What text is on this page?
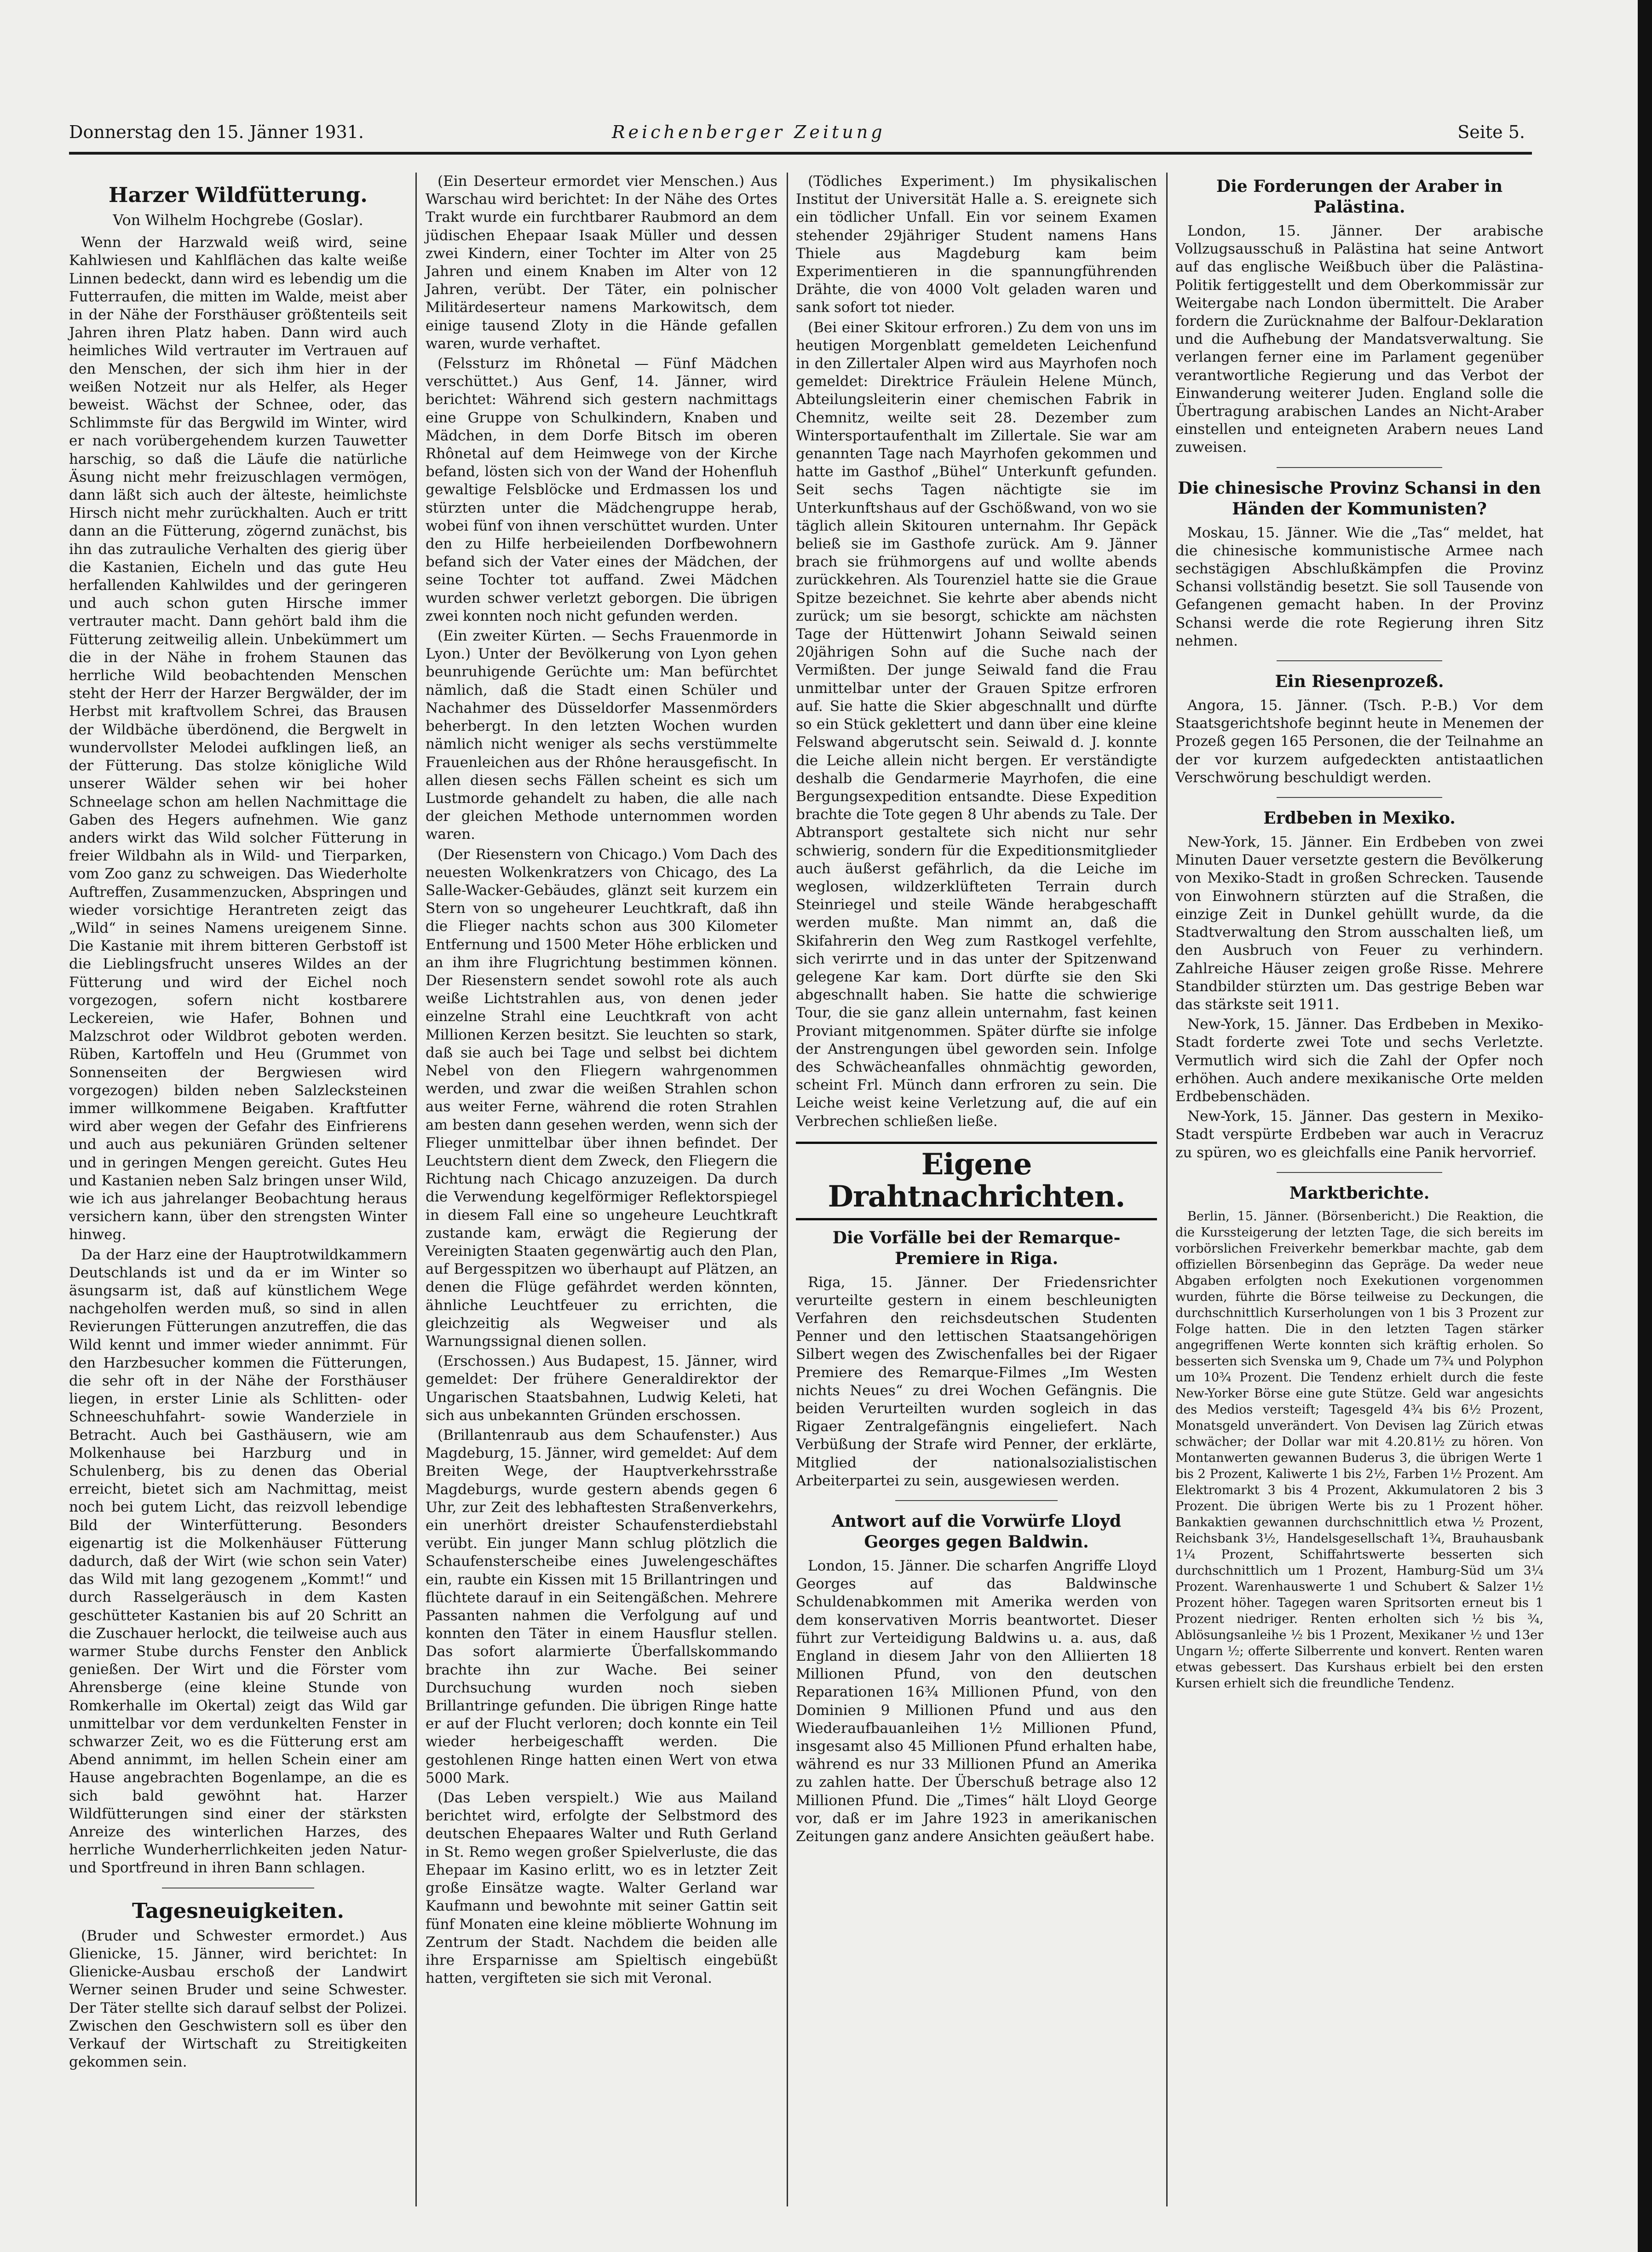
Donnerstag den 15. Jänner 1931.	Reichenberger Zeitung	Seite 5.
Harzer Wildfütterung.
Von Wilhelm Hochgrebe (Goslar).

Wenn der Harzwald weiß wird, seine Kahlwiesen und Kahlflächen das kalte weiße Linnen bedeckt, dann wird es lebendig um die Futterraufen, die mitten im Walde, meist aber in der Nähe der Forsthäuser größtenteils seit Jahren ihren Platz haben. Dann wird auch heimliches Wild vertrauter im Vertrauen auf den Menschen, der sich ihm hier in der weißen Notzeit nur als Helfer, als Heger beweist. Wächst der Schnee, oder, das Schlimmste für das Bergwild im Winter, wird er nach vorübergehendem kurzen Tauwetter harschig, so daß die Läufe die natürliche Äsung nicht mehr freizuschlagen vermögen, dann läßt sich auch der älteste, heimlichste Hirsch nicht mehr zurückhalten. Auch er tritt dann an die Fütterung, zögernd zunächst, bis ihn das zutrauliche Verhalten des gierig über die Kastanien, Eicheln und das gute Heu herfallenden Kahlwildes und der geringeren und auch schon guten Hirsche immer vertrauter macht. Dann gehört bald ihm die Fütterung zeitweilig allein. Unbekümmert um die in der Nähe in frohem Staunen das herrliche Wild beobachtenden Menschen steht der Herr der Harzer Bergwälder, der im Herbst mit kraftvollem Schrei, das Brausen der Wildbäche überdönend, die Bergwelt in wundervollster Melodei aufklingen ließ, an der Fütterung. Das stolze königliche Wild unserer Wälder sehen wir bei hoher Schneelage schon am hellen Nachmittage die Gaben des Hegers aufnehmen. Wie ganz anders wirkt das Wild solcher Fütterung in freier Wildbahn als in Wild- und Tierparken, vom Zoo ganz zu schweigen. Das Wiederholte Auftreffen, Zusammenzucken, Abspringen und wieder vorsichtige Herantreten zeigt das „Wild“ in seines Namens ureigenem Sinne. Die Kastanie mit ihrem bitteren Gerbstoff ist die Lieblingsfrucht unseres Wildes an der Fütterung und wird der Eichel noch vorgezogen, sofern nicht kostbarere Leckereien, wie Hafer, Bohnen und Malzschrot oder Wildbrot geboten werden. Rüben, Kartoffeln und Heu (Grummet von Sonnenseiten der Bergwiesen wird vorgezogen) bilden neben Salzlecksteinen immer willkommene Beigaben. Kraftfutter wird aber wegen der Gefahr des Einfrierens und auch aus pekuniären Gründen seltener und in geringen Mengen gereicht. Gutes Heu und Kastanien neben Salz bringen unser Wild, wie ich aus jahrelanger Beobachtung heraus versichern kann, über den strengsten Winter hinweg.

Da der Harz eine der Hauptrotwildkammern Deutschlands ist und da er im Winter so äsungsarm ist, daß auf künstlichem Wege nachgeholfen werden muß, so sind in allen Revierungen Fütterungen anzutreffen, die das Wild kennt und immer wieder annimmt. Für den Harzbesucher kommen die Fütterungen, die sehr oft in der Nähe der Forsthäuser liegen, in erster Linie als Schlitten- oder Schneeschuhfahrt- sowie Wanderziele in Betracht. Auch bei Gasthäusern, wie am Molkenhause bei Harzburg und in Schulenberg, bis zu denen das Oberial erreicht, bietet sich am Nachmittag, meist noch bei gutem Licht, das reizvoll lebendige Bild der Winterfütterung. Besonders eigenartig ist die Molkenhäuser Fütterung dadurch, daß der Wirt (wie schon sein Vater) das Wild mit lang gezogenem „Kommt!“ und durch Rasselgeräusch in dem Kasten geschütteter Kastanien bis auf 20 Schritt an die Zuschauer herlockt, die teilweise auch aus warmer Stube durchs Fenster den Anblick genießen. Der Wirt und die Förster vom Ahrensberge (eine kleine Stunde von Romkerhalle im Okertal) zeigt das Wild gar unmittelbar vor dem verdunkelten Fenster in schwarzer Zeit, wo es die Fütterung erst am Abend annimmt, im hellen Schein einer am Hause angebrachten Bogenlampe, an die es sich bald gewöhnt hat. Harzer Wildfütterungen sind einer der stärksten Anreize des winterlichen Harzes, des herrliche Wunderherrlichkeiten jeden Natur- und Sportfreund in ihren Bann schlagen.

Tagesneuigkeiten.

(Bruder und Schwester ermordet.) Aus Glienicke, 15. Jänner, wird berichtet: In Glienicke-Ausbau erschoß der Landwirt Werner seinen Bruder und seine Schwester. Der Täter stellte sich darauf selbst der Polizei. Zwischen den Geschwistern soll es über den Verkauf der Wirtschaft zu Streitigkeiten gekommen sein.

(Ein Deserteur ermordet vier Menschen.) Aus Warschau wird berichtet: In der Nähe des Ortes Trakt wurde ein furchtbarer Raubmord an dem jüdischen Ehepaar Isaak Müller und dessen zwei Kindern, einer Tochter im Alter von 25 Jahren und einem Knaben im Alter von 12 Jahren, verübt. Der Täter, ein polnischer Militärdeserteur namens Markowitsch, dem einige tausend Zloty in die Hände gefallen waren, wurde verhaftet.

(Felssturz im Rhônetal — Fünf Mädchen verschüttet.) Aus Genf, 14. Jänner, wird berichtet: Während sich gestern nachmittags eine Gruppe von Schulkindern, Knaben und Mädchen, in dem Dorfe Bitsch im oberen Rhônetal auf dem Heimwege von der Kirche befand, lösten sich von der Wand der Hohenfluh gewaltige Felsblöcke und Erdmassen los und stürzten unter die Mädchengruppe herab, wobei fünf von ihnen verschüttet wurden. Unter den zu Hilfe herbeieilenden Dorfbewohnern befand sich der Vater eines der Mädchen, der seine Tochter tot auffand. Zwei Mädchen wurden schwer verletzt geborgen. Die übrigen zwei konnten noch nicht gefunden werden.

(Ein zweiter Kürten. — Sechs Frauenmorde in Lyon.) Unter der Bevölkerung von Lyon gehen beunruhigende Gerüchte um: Man befürchtet nämlich, daß die Stadt einen Schüler und Nachahmer des Düsseldorfer Massenmörders beherbergt. In den letzten Wochen wurden nämlich nicht weniger als sechs verstümmelte Frauenleichen aus der Rhône herausgefischt. In allen diesen sechs Fällen scheint es sich um Lustmorde gehandelt zu haben, die alle nach der gleichen Methode unternommen worden waren.

(Der Riesenstern von Chicago.) Vom Dach des neuesten Wolkenkratzers von Chicago, des La Salle-Wacker-Gebäudes, glänzt seit kurzem ein Stern von so ungeheurer Leuchtkraft, daß ihn die Flieger nachts schon aus 300 Kilometer Entfernung und 1500 Meter Höhe erblicken und an ihm ihre Flugrichtung bestimmen können. Der Riesenstern sendet sowohl rote als auch weiße Lichtstrahlen aus, von denen jeder einzelne Strahl eine Leuchtkraft von acht Millionen Kerzen besitzt. Sie leuchten so stark, daß sie auch bei Tage und selbst bei dichtem Nebel von den Fliegern wahrgenommen werden, und zwar die weißen Strahlen schon aus weiter Ferne, während die roten Strahlen am besten dann gesehen werden, wenn sich der Flieger unmittelbar über ihnen befindet. Der Leuchtstern dient dem Zweck, den Fliegern die Richtung nach Chicago anzuzeigen. Da durch die Verwendung kegelförmiger Reflektorspiegel in diesem Fall eine so ungeheure Leuchtkraft zustande kam, erwägt die Regierung der Vereinigten Staaten gegenwärtig auch den Plan, auf Bergesspitzen wo überhaupt auf Plätzen, an denen die Flüge gefährdet werden könnten, ähnliche Leuchtfeuer zu errichten, die gleichzeitig als Wegweiser und als Warnungssignal dienen sollen.

(Erschossen.) Aus Budapest, 15. Jänner, wird gemeldet: Der frühere Generaldirektor der Ungarischen Staatsbahnen, Ludwig Keleti, hat sich aus unbekannten Gründen erschossen.

(Brillantenraub aus dem Schaufenster.) Aus Magdeburg, 15. Jänner, wird gemeldet: Auf dem Breiten Wege, der Hauptverkehrsstraße Magdeburgs, wurde gestern abends gegen 6 Uhr, zur Zeit des lebhaftesten Straßenverkehrs, ein unerhört dreister Schaufensterdiebstahl verübt. Ein junger Mann schlug plötzlich die Schaufensterscheibe eines Juwelengeschäftes ein, raubte ein Kissen mit 15 Brillantringen und flüchtete darauf in ein Seitengäßchen. Mehrere Passanten nahmen die Verfolgung auf und konnten den Täter in einem Hausflur stellen. Das sofort alarmierte Überfallskommando brachte ihn zur Wache. Bei seiner Durchsuchung wurden noch sieben Brillantringe gefunden. Die übrigen Ringe hatte er auf der Flucht verloren; doch konnte ein Teil wieder herbeigeschafft werden. Die gestohlenen Ringe hatten einen Wert von etwa 5000 Mark.

(Das Leben verspielt.) Wie aus Mailand berichtet wird, erfolgte der Selbstmord des deutschen Ehepaares Walter und Ruth Gerland in St. Remo wegen großer Spielverluste, die das Ehepaar im Kasino erlitt, wo es in letzter Zeit große Einsätze wagte. Walter Gerland war Kaufmann und bewohnte mit seiner Gattin seit fünf Monaten eine kleine möblierte Wohnung im Zentrum der Stadt. Nachdem die beiden alle ihre Ersparnisse am Spieltisch eingebüßt hatten, vergifteten sie sich mit Veronal.

(Tödliches Experiment.) Im physikalischen Institut der Universität Halle a. S. ereignete sich ein tödlicher Unfall. Ein vor seinem Examen stehender 29jähriger Student namens Hans Thiele aus Magdeburg kam beim Experimentieren in die spannungführenden Drähte, die von 4000 Volt geladen waren und sank sofort tot nieder.

(Bei einer Skitour erfroren.) Zu dem von uns im heutigen Morgenblatt gemeldeten Leichenfund in den Zillertaler Alpen wird aus Mayrhofen noch gemeldet: Direktrice Fräulein Helene Münch, Abteilungsleiterin einer chemischen Fabrik in Chemnitz, weilte seit 28. Dezember zum Wintersportaufenthalt im Zillertale. Sie war am genannten Tage nach Mayrhofen gekommen und hatte im Gasthof „Bühel“ Unterkunft gefunden. Seit sechs Tagen nächtigte sie im Unterkunftshaus auf der Gschößwand, von wo sie täglich allein Skitouren unternahm. Ihr Gepäck beließ sie im Gasthofe zurück. Am 9. Jänner brach sie frühmorgens auf und wollte abends zurückkehren. Als Tourenziel hatte sie die Graue Spitze bezeichnet. Sie kehrte aber abends nicht zurück; um sie besorgt, schickte am nächsten Tage der Hüttenwirt Johann Seiwald seinen 20jährigen Sohn auf die Suche nach der Vermißten. Der junge Seiwald fand die Frau unmittelbar unter der Grauen Spitze erfroren auf. Sie hatte die Skier abgeschnallt und dürfte so ein Stück geklettert und dann über eine kleine Felswand abgerutscht sein. Seiwald d. J. konnte die Leiche allein nicht bergen. Er verständigte deshalb die Gendarmerie Mayrhofen, die eine Bergungsexpedition entsandte. Diese Expedition brachte die Tote gegen 8 Uhr abends zu Tale. Der Abtransport gestaltete sich nicht nur sehr schwierig, sondern für die Expeditionsmitglieder auch äußerst gefährlich, da die Leiche im weglosen, wildzerklüfteten Terrain durch Steinriegel und steile Wände herabgeschafft werden mußte. Man nimmt an, daß die Skifahrerin den Weg zum Rastkogel verfehlte, sich verirrte und in das unter der Spitzenwand gelegene Kar kam. Dort dürfte sie den Ski abgeschnallt haben. Sie hatte die schwierige Tour, die sie ganz allein unternahm, fast keinen Proviant mitgenommen. Später dürfte sie infolge der Anstrengungen übel geworden sein. Infolge des Schwächeanfalles ohnmächtig geworden, scheint Frl. Münch dann erfroren zu sein. Die Leiche weist keine Verletzung auf, die auf ein Verbrechen schließen ließe.

Eigene Drahtnachrichten.
Die Vorfälle bei der Remarque-Premiere in Riga.

Riga, 15. Jänner. Der Friedensrichter verurteilte gestern in einem beschleunigten Verfahren den reichsdeutschen Studenten Penner und den lettischen Staatsangehörigen Silbert wegen des Zwischenfalles bei der Rigaer Premiere des Remarque-Filmes „Im Westen nichts Neues“ zu drei Wochen Gefängnis. Die beiden Verurteilten wurden sogleich in das Rigaer Zentralgefängnis eingeliefert. Nach Verbüßung der Strafe wird Penner, der erklärte, Mitglied der nationalsozialistischen Arbeiterpartei zu sein, ausgewiesen werden.

Antwort auf die Vorwürfe Lloyd Georges gegen Baldwin.

London, 15. Jänner. Die scharfen Angriffe Lloyd Georges auf das Baldwinsche Schuldenabkommen mit Amerika werden von dem konservativen Morris beantwortet. Dieser führt zur Verteidigung Baldwins u. a. aus, daß England in diesem Jahr von den Alliierten 18 Millionen Pfund, von den deutschen Reparationen 16¾ Millionen Pfund, von den Dominien 9 Millionen Pfund und aus den Wiederaufbauanleihen 1½ Millionen Pfund, insgesamt also 45 Millionen Pfund erhalten habe, während es nur 33 Millionen Pfund an Amerika zu zahlen hatte. Der Überschuß betrage also 12 Millionen Pfund. Die „Times“ hält Lloyd George vor, daß er im Jahre 1923 in amerikanischen Zeitungen ganz andere Ansichten geäußert habe.

Die Forderungen der Araber in Palästina.

London, 15. Jänner. Der arabische Vollzugsausschuß in Palästina hat seine Antwort auf das englische Weißbuch über die Palästina-Politik fertiggestellt und dem Oberkommissär zur Weitergabe nach London übermittelt. Die Araber fordern die Zurücknahme der Balfour-Deklaration und die Aufhebung der Mandatsverwaltung. Sie verlangen ferner eine im Parlament gegenüber verantwortliche Regierung und das Verbot der Einwanderung weiterer Juden. England solle die Übertragung arabischen Landes an Nicht-Araber einstellen und enteigneten Arabern neues Land zuweisen.

Die chinesische Provinz Schansi in den Händen der Kommunisten?

Moskau, 15. Jänner. Wie die „Tas“ meldet, hat die chinesische kommunistische Armee nach sechstägigen Abschlußkämpfen die Provinz Schansi vollständig besetzt. Sie soll Tausende von Gefangenen gemacht haben. In der Provinz Schansi werde die rote Regierung ihren Sitz nehmen.

Ein Riesenprozeß.

Angora, 15. Jänner. (Tsch. P.-B.) Vor dem Staatsgerichtshofe beginnt heute in Menemen der Prozeß gegen 165 Personen, die der Teilnahme an der vor kurzem aufgedeckten antistaatlichen Verschwörung beschuldigt werden.

Erdbeben in Mexiko.

New-York, 15. Jänner. Ein Erdbeben von zwei Minuten Dauer versetzte gestern die Bevölkerung von Mexiko-Stadt in großen Schrecken. Tausende von Einwohnern stürzten auf die Straßen, die einzige Zeit in Dunkel gehüllt wurde, da die Stadtverwaltung den Strom ausschalten ließ, um den Ausbruch von Feuer zu verhindern. Zahlreiche Häuser zeigen große Risse. Mehrere Standbilder stürzten um. Das gestrige Beben war das stärkste seit 1911.

New-York, 15. Jänner. Das Erdbeben in Mexiko-Stadt forderte zwei Tote und sechs Verletzte. Vermutlich wird sich die Zahl der Opfer noch erhöhen. Auch andere mexikanische Orte melden Erdbebenschäden.

New-York, 15. Jänner. Das gestern in Mexiko-Stadt verspürte Erdbeben war auch in Veracruz zu spüren, wo es gleichfalls eine Panik hervorrief.

Marktberichte.

Berlin, 15. Jänner. (Börsenbericht.) Die Reaktion, die die Kurssteigerung der letzten Tage, die sich bereits im vorbörslichen Freiverkehr bemerkbar machte, gab dem offiziellen Börsenbeginn das Gepräge. Da weder neue Abgaben erfolgten noch Exekutionen vorgenommen wurden, führte die Börse teilweise zu Deckungen, die durchschnittlich Kurserholungen von 1 bis 3 Prozent zur Folge hatten. Die in den letzten Tagen stärker angegriffenen Werte konnten sich kräftig erholen. So besserten sich Svenska um 9, Chade um 7¾ und Polyphon um 10¾ Prozent. Die Tendenz erhielt durch die feste New-Yorker Börse eine gute Stütze. Geld war angesichts des Medios versteift; Tagesgeld 4¾ bis 6½ Prozent, Monatsgeld unverändert. Von Devisen lag Zürich etwas schwächer; der Dollar war mit 4.20.81½ zu hören. Von Montanwerten gewannen Buderus 3, die übrigen Werte 1 bis 2 Prozent, Kaliwerte 1 bis 2½, Farben 1½ Prozent. Am Elektromarkt 3 bis 4 Prozent, Akkumulatoren 2 bis 3 Prozent. Die übrigen Werte bis zu 1 Prozent höher. Bankaktien gewannen durchschnittlich etwa ½ Prozent, Reichsbank 3½, Handelsgesellschaft 1¾, Brauhausbank 1¼ Prozent, Schiffahrtswerte besserten sich durchschnittlich um 1 Prozent, Hamburg-Süd um 3¼ Prozent. Warenhauswerte 1 und Schubert & Salzer 1½ Prozent höher. Tagegen waren Spritsorten erneut bis 1 Prozent niedriger. Renten erholten sich ½ bis ¾, Ablösungsanleihe ½ bis 1 Prozent, Mexikaner ½ und 13er Ungarn ½; offerte Silberrente und konvert. Renten waren etwas gebessert. Das Kurshaus erbielt bei den ersten Kursen erhielt sich die freundliche Tendenz.
